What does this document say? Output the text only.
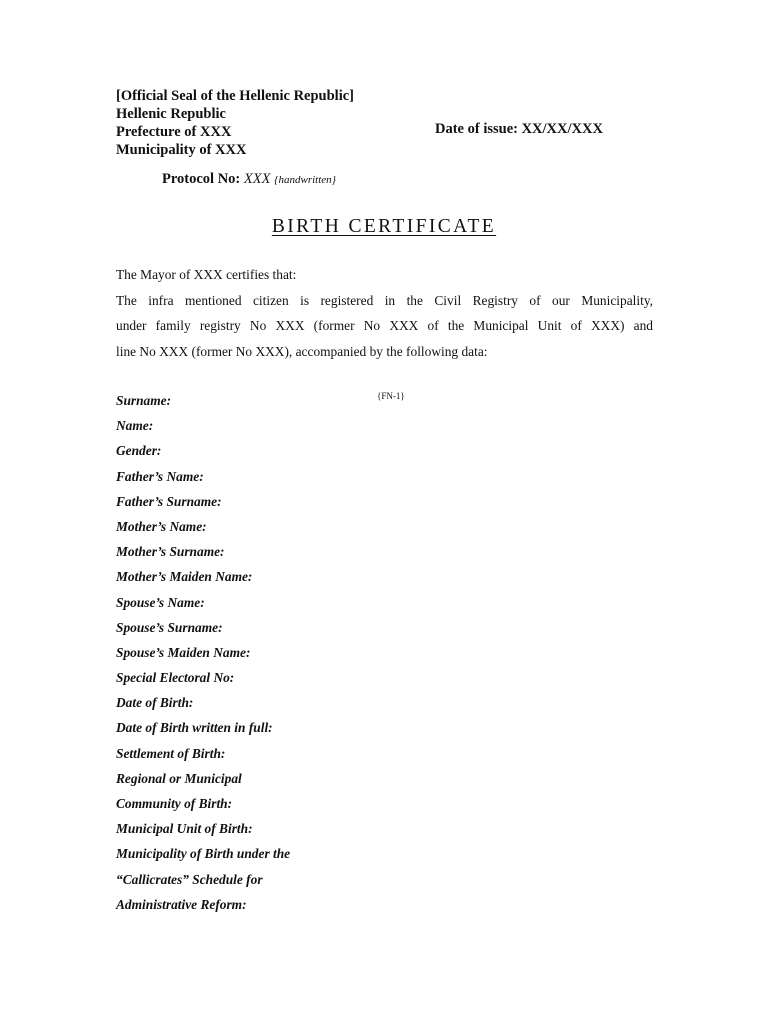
[Official Seal of the Hellenic Republic]
Hellenic Republic
Prefecture of XXX
Municipality of XXX
Date of issue: XX/XX/XXX
Protocol No: XXX {handwritten}
BIRTH CERTIFICATE
The Mayor of XXX certifies that:
The infra mentioned citizen is registered in the Civil Registry of our Municipality,
under family registry No XXX (former No XXX of the Municipal Unit of XXX) and
line No XXX (former No XXX), accompanied by the following data:
{FN-1}
Surname:
Name:
Gender:
Father’s Name:
Father’s Surname:
Mother’s Name:
Mother’s Surname:
Mother’s Maiden Name:
Spouse’s Name:
Spouse’s Surname:
Spouse’s Maiden Name:
Special Electoral No:
Date of Birth:
Date of Birth written in full:
Settlement of Birth:
Regional or Municipal
Community of Birth:
Municipal Unit of Birth:
Municipality of Birth under the
“Callicrates” Schedule for
Administrative Reform:
